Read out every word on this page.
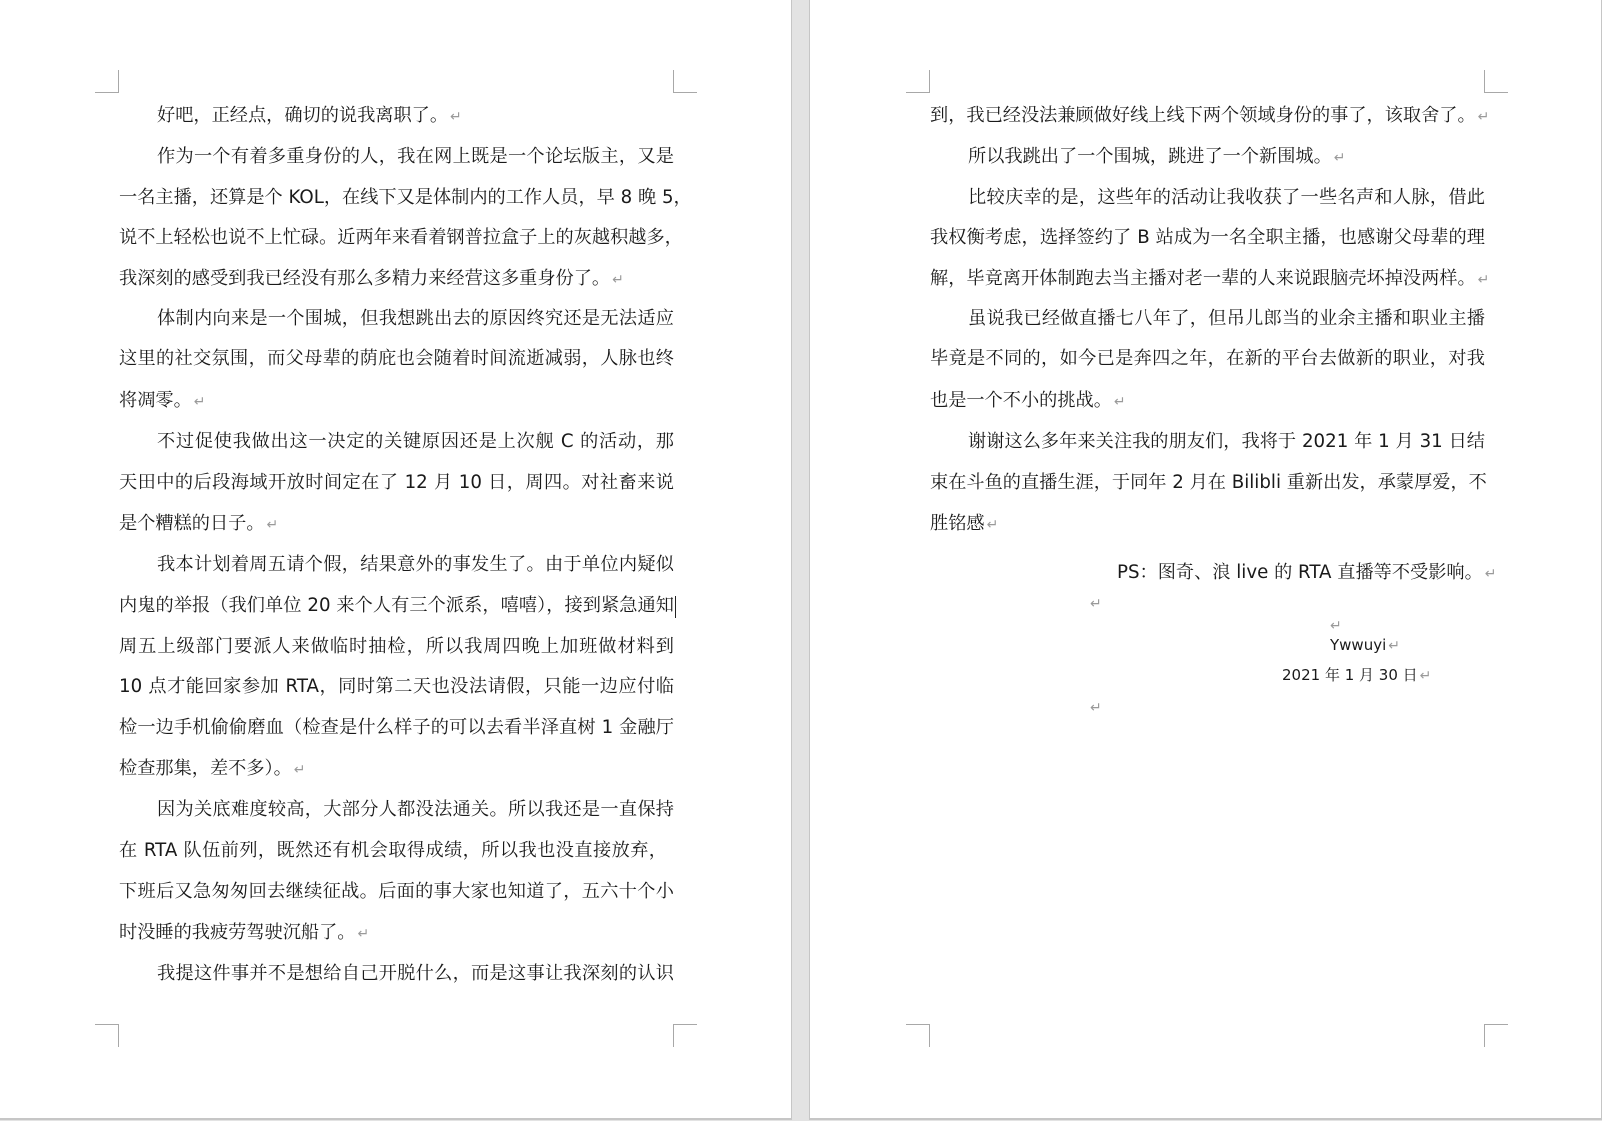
好吧，正经点，确切的说我离职了。 ↵
作为一个有着多重身份的人，我在网上既是一个论坛版主，又是
一名主播，还算是个 KOL，在线下又是体制内的工作人员，早 8 晚 5，
说不上轻松也说不上忙碌。近两年来看着钢普拉盒子上的灰越积越多，
我深刻的感受到我已经没有那么多精力来经营这多重身份了。 ↵
体制内向来是一个围城，但我想跳出去的原因终究还是无法适应
这里的社交氛围，而父母辈的荫庇也会随着时间流逝减弱，人脉也终
将凋零。 ↵
不过促使我做出这一决定的关键原因还是上次舰 C 的活动，那
天田中的后段海域开放时间定在了 12 月 10 日，周四。对社畜来说
是个糟糕的日子。 ↵
我本计划着周五请个假，结果意外的事发生了。由于单位内疑似
内鬼的举报（我们单位 20 来个人有三个派系，嘻嘻），接到紧急通知
周五上级部门要派人来做临时抽检，所以我周四晚上加班做材料到
10 点才能回家参加 RTA，同时第二天也没法请假，只能一边应付临
检一边手机偷偷磨血（检查是什么样子的可以去看半泽直树 1 金融厅
检查那集，差不多）。 ↵
因为关底难度较高，大部分人都没法通关。所以我还是一直保持
在 RTA 队伍前列，既然还有机会取得成绩，所以我也没直接放弃，
下班后又急匆匆回去继续征战。后面的事大家也知道了，五六十个小
时没睡的我疲劳驾驶沉船了。 ↵
我提这件事并不是想给自己开脱什么，而是这事让我深刻的认识
到，我已经没法兼顾做好线上线下两个领域身份的事了，该取舍了。 ↵
所以我跳出了一个围城，跳进了一个新围城。 ↵
比较庆幸的是，这些年的活动让我收获了一些名声和人脉，借此
我权衡考虑，选择签约了 B 站成为一名全职主播，也感谢父母辈的理
解，毕竟离开体制跑去当主播对老一辈的人来说跟脑壳坏掉没两样。 ↵
虽说我已经做直播七八年了，但吊儿郎当的业余主播和职业主播
毕竟是不同的，如今已是奔四之年，在新的平台去做新的职业，对我
也是一个不小的挑战。 ↵
谢谢这么多年来关注我的朋友们，我将于 2021 年 1 月 31 日结
束在斗鱼的直播生涯，于同年 2 月在 Bilibli 重新出发，承蒙厚爱，不
胜铭感 ↵
PS：图奇、浪 live 的 RTA 直播等不受影响。 ↵
↵
↵
Ywwuyi ↵
2021 年 1 月 30 日 ↵
↵
